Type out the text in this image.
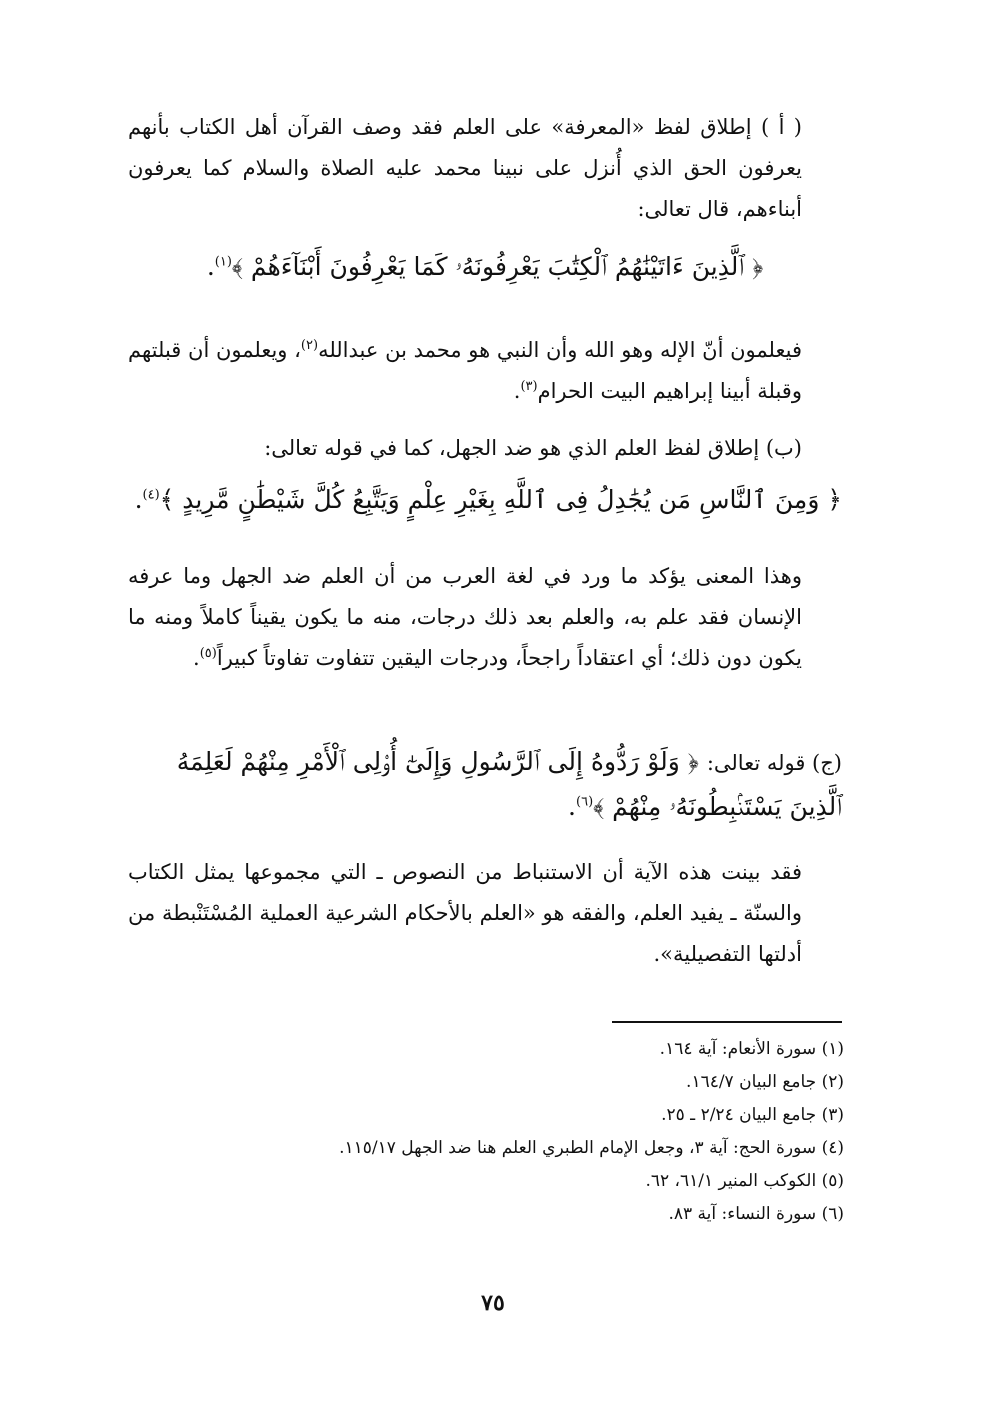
( أ ) إطلاق لفظ «المعرفة» على العلم فقد وصف القرآن أهل الكتاب بأنهم يعرفون الحق الذي أُنزل على نبينا محمد عليه الصلاة والسلام كما يعرفون أبناءهم، قال تعالى:

﴿ ٱلَّذِينَ ءَاتَيْنَٰهُمُ ٱلْكِتَٰبَ يَعْرِفُونَهُۥ كَمَا يَعْرِفُونَ أَبْنَآءَهُمْ ﴾$^{(١)}$.

فيعلمون أنّ الإله وهو الله وأن النبي هو محمد بن عبدالله$^{(٢)}$، ويعلمون أن قبلتهم وقبلة أبينا إبراهيم البيت الحرام$^{(٣)}$.

(ب) إطلاق لفظ العلم الذي هو ضد الجهل، كما في قوله تعالى:

﴿ وَمِنَ ٱلنَّاسِ مَن يُجَٰدِلُ فِى ٱللَّهِ بِغَيْرِ عِلْمٍ وَيَتَّبِعُ كُلَّ شَيْطَٰنٍ مَّرِيدٍ ﴾$^{(٤)}$.

وهذا المعنى يؤكد ما ورد في لغة العرب من أن العلم ضد الجهل وما عرفه الإنسان فقد علم به، والعلم بعد ذلك درجات، منه ما يكون يقيناً كاملاً ومنه ما يكون دون ذلك؛ أي اعتقاداً راجحاً، ودرجات اليقين تتفاوت تفاوتاً كبيراً$^{(٥)}$.

(ج) قوله تعالى: ﴿ وَلَوْ رَدُّوهُ إِلَى ٱلرَّسُولِ وَإِلَىٰٓ أُو۟لِى ٱلْأَمْرِ مِنْهُمْ لَعَلِمَهُ ٱلَّذِينَ يَسْتَنۢبِطُونَهُۥ مِنْهُمْ ﴾$^{(٦)}$.

فقد بينت هذه الآية أن الاستنباط من النصوص ـ التي مجموعها يمثل الكتاب والسنّة ـ يفيد العلم، والفقه هو «العلم بالأحكام الشرعية العملية المُسْتَنْبطة من أدلتها التفصيلية».

(١) سورة الأنعام: آية ١٦٤.
(٢) جامع البيان ١٦٤/٧.
(٣) جامع البيان ٢/٢٤ ـ ٢٥.
(٤) سورة الحج: آية ٣، وجعل الإمام الطبري العلم هنا ضد الجهل ١١٥/١٧.
(٥) الكوكب المنير ٦١/١، ٦٢.
(٦) سورة النساء: آية ٨٣.
٧٥
